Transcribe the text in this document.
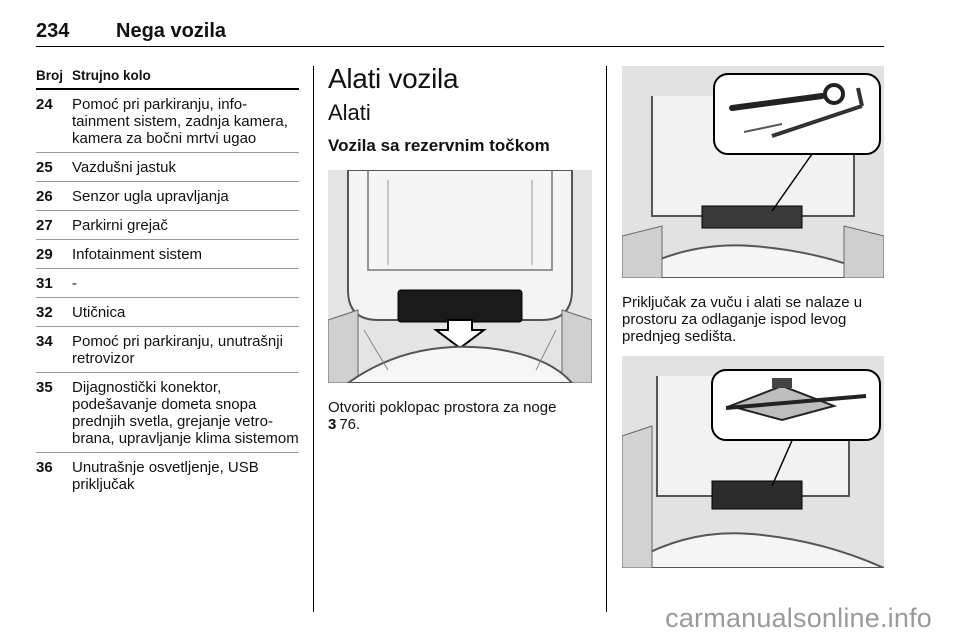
234 Nega vozila
Broj Strujno kolo
24 Pomoć pri parkiranju, info-tainment sistem, zadnja kamera, kamera za bočni mrtvi ugao
25 Vazdušni jastuk
26 Senzor ugla upravljanja
27 Parkirni grejač
29 Infotainment sistem
31 -
32 Utičnica
34 Pomoć pri parkiranju, unutrašnji retrovizor
35 Dijagnostički konektor, podešavanje dometa snopa prednjih svetla, grejanje vetro-brana, upravljanje klima sistemom
36 Unutrašnje osvetljenje, USB priključak
Alati vozila
Alati
Vozila sa rezervnim točkom
Otvoriti poklopac prostora za noge
3 76.
Priključak za vuču i alati se nalaze u prostoru za odlaganje ispod levog prednjeg sedišta.
carmanualsonline.info
